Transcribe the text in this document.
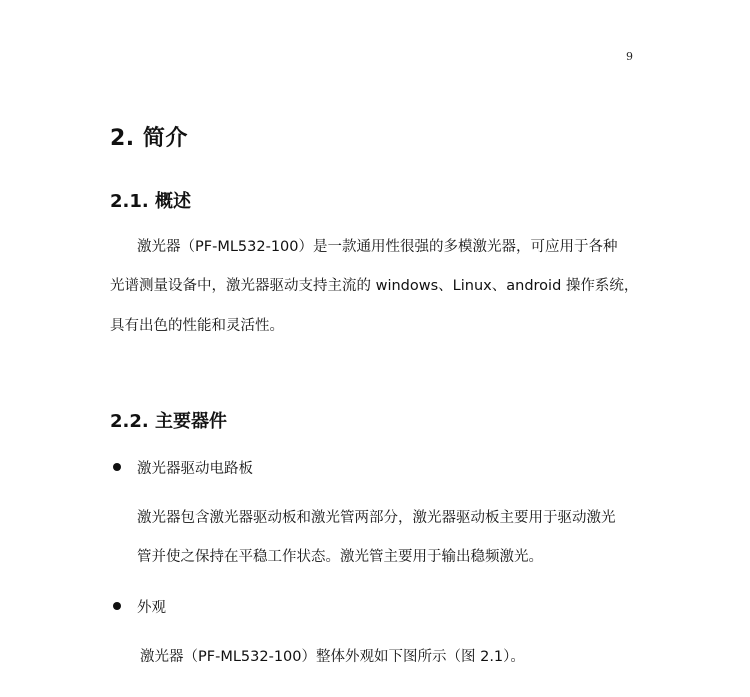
9
2. 简介
2.1. 概述
激光器（PF-ML532-100）是一款通用性很强的多模激光器，可应用于各种
光谱测量设备中，激光器驱动支持主流的 windows、Linux、android 操作系统，
具有出色的性能和灵活性。
2.2. 主要器件
激光器驱动电路板
激光器包含激光器驱动板和激光管两部分，激光器驱动板主要用于驱动激光
管并使之保持在平稳工作状态。激光管主要用于输出稳频激光。
外观
激光器（PF-ML532-100）整体外观如下图所示（图 2.1）。
